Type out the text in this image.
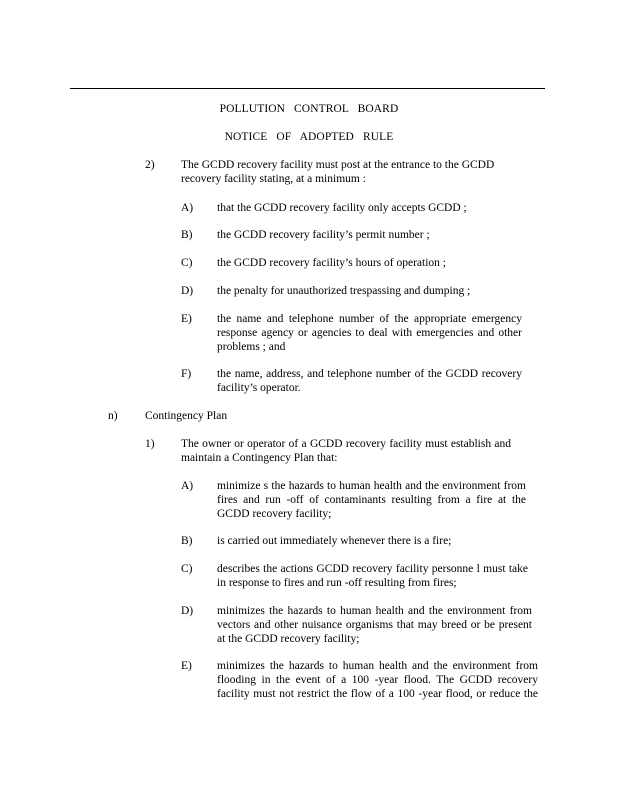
POLLUTION CONTROL BOARD
NOTICE OF ADOPTED RULE
2) The GCDD recovery facility must post at the entrance to the GCDD
recovery facility stating, at a minimum :
A) that the GCDD recovery facility only accepts GCDD ;
B) the GCDD recovery facility’s permit number ;
C) the GCDD recovery facility’s hours of operation ;
D) the penalty for unauthorized trespassing and dumping ;
E) the name and telephone number of the appropriate emergency
response agency or agencies to deal with emergencies and other
problems ; and
F) the name, address, and telephone number of the GCDD recovery
facility’s operator.
n) Contingency Plan
1) The owner or operator of a GCDD recovery facility must establish and
maintain a Contingency Plan that:
A) minimize s the hazards to human health and the environment from
fires and run -off of contaminants resulting from a fire at the
GCDD recovery facility;
B) is carried out immediately whenever there is a fire;
C) describes the actions GCDD recovery facility personne l must take
in response to fires and run -off resulting from fires;
D) minimizes the hazards to human health and the environment from
vectors and other nuisance organisms that may breed or be present
at the GCDD recovery facility;
E) minimizes the hazards to human health and the environment from
flooding in the event of a 100 -year flood. The GCDD recovery
facility must not restrict the flow of a 100 -year flood, or reduce the
